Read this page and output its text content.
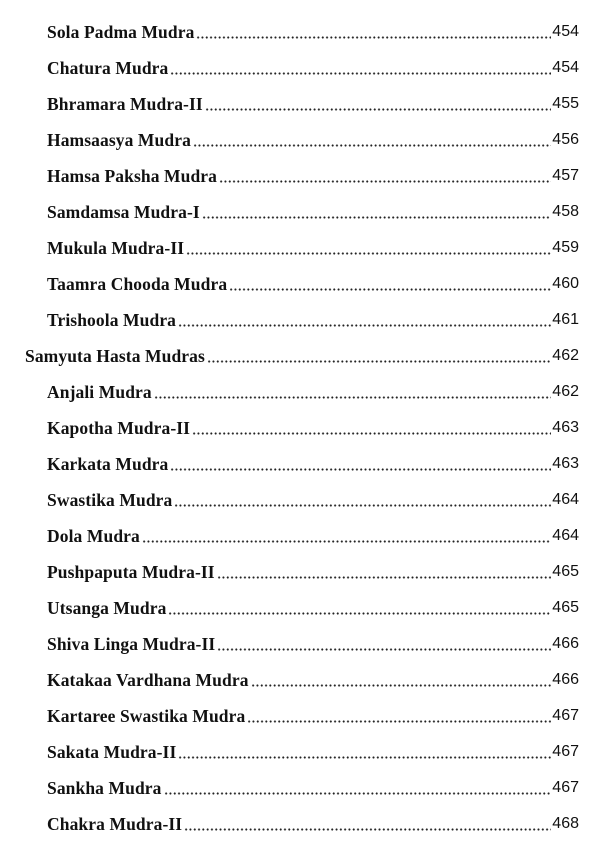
Sola Padma Mudra	454
Chatura Mudra	454
Bhramara Mudra-II	455
Hamsaasya Mudra	456
Hamsa Paksha Mudra	457
Samdamsa Mudra-I	458
Mukula Mudra-II	459
Taamra Chooda Mudra	460
Trishoola Mudra	461
Samyuta Hasta Mudras	462
Anjali Mudra	462
Kapotha Mudra-II	463
Karkata Mudra	463
Swastika Mudra	464
Dola Mudra	464
Pushpaputa Mudra-II	465
Utsanga Mudra	465
Shiva Linga Mudra-II	466
Katakaa Vardhana Mudra	466
Kartaree Swastika Mudra	467
Sakata Mudra-II	467
Sankha Mudra	467
Chakra Mudra-II	468
